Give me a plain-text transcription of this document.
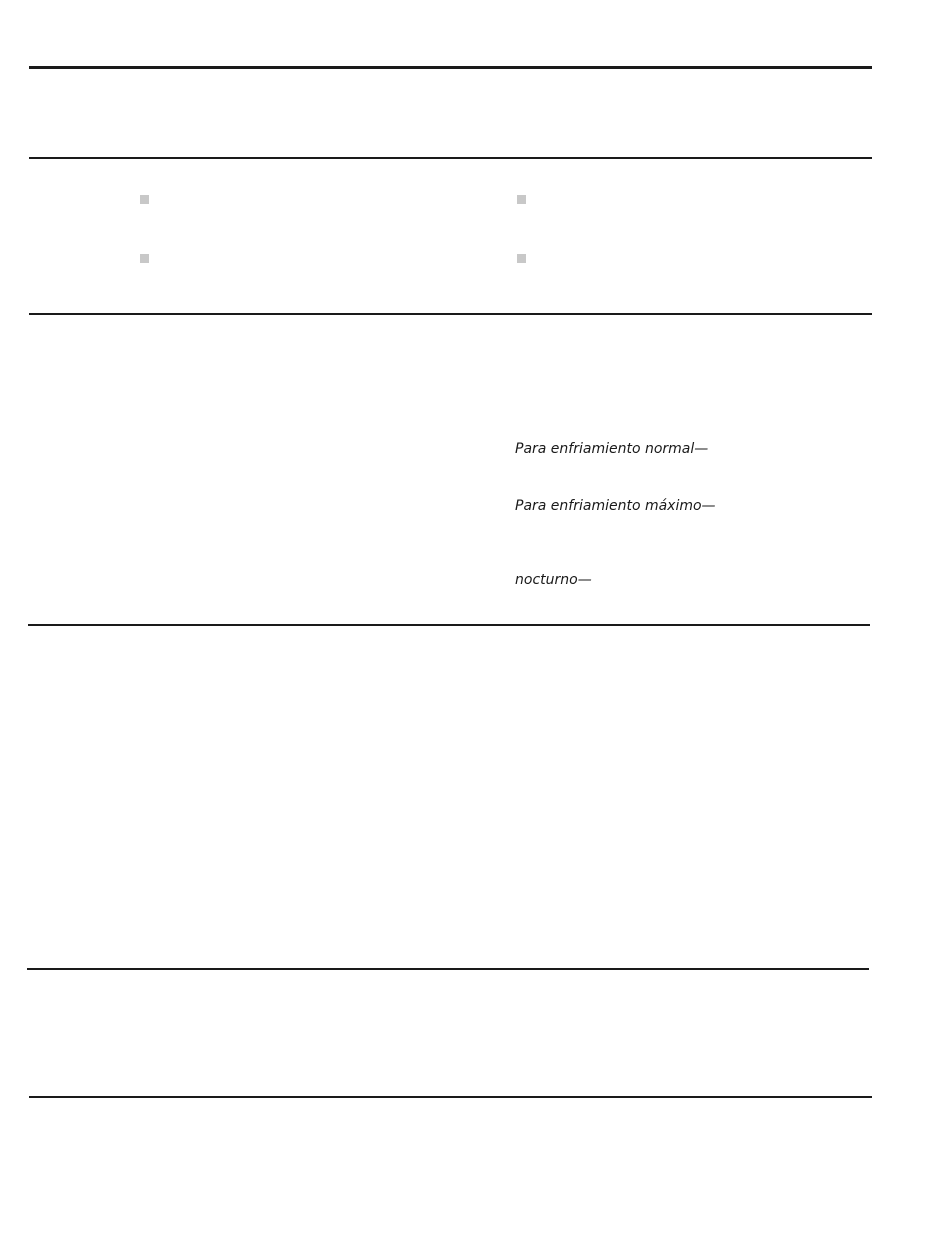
Para enfriamiento normal—
Para enfriamiento máximo—
nocturno—
